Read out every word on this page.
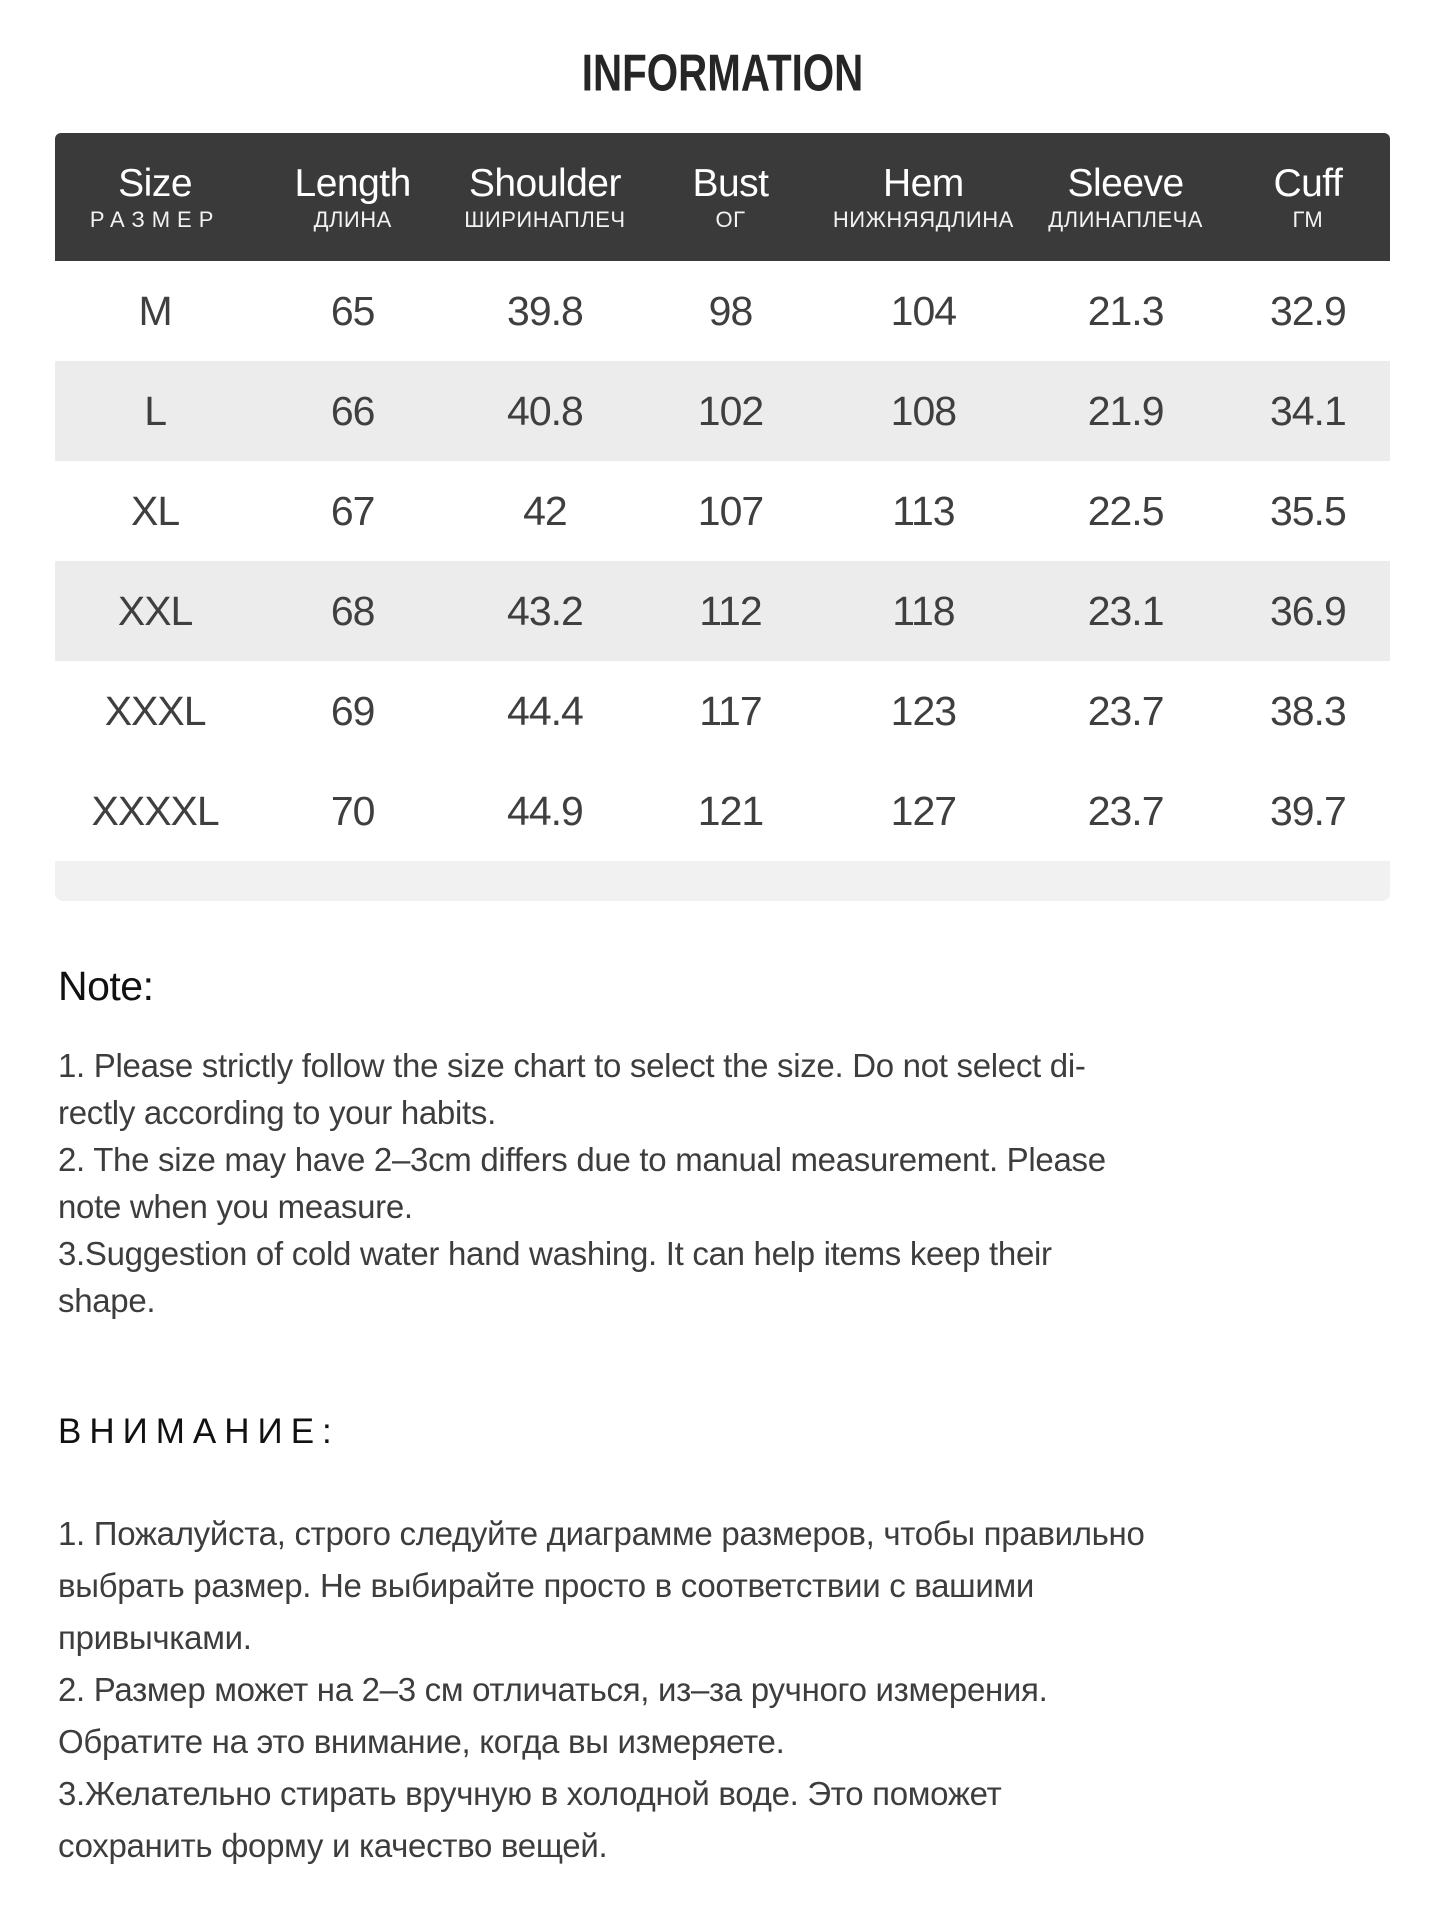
INFORMATION
Size	Length	Shoulder	Bust	Hem	Sleeve	Cuff
РАЗМЕР	ДЛИНА	ШИРИНАПЛЕЧ	ОГ	НИЖНЯЯДЛИНА	ДЛИНАПЛЕЧА	ГМ
M	65	39.8	98	104	21.3	32.9
L	66	40.8	102	108	21.9	34.1
XL	67	42	107	113	22.5	35.5
XXL	68	43.2	112	118	23.1	36.9
XXXL	69	44.4	117	123	23.7	38.3
XXXXL	70	44.9	121	127	23.7	39.7
Note:
1. Please strictly follow the size chart to select the size. Do not select di-
rectly according to your habits.
2. The size may have 2–3cm differs due to manual measurement. Please
note when you measure.
3.Suggestion of cold water hand washing. It can help items keep their
shape.
ВНИМАНИЕ:
1. Пожалуйста, строго следуйте диаграмме размеров, чтобы правильно
выбрать размер. Не выбирайте просто в соответствии с вашими
привычками.
2. Размер может на 2–3 см отличаться, из–за ручного измерения.
Обратите на это внимание, когда вы измеряете.
3.Желательно стирать вручную в холодной воде. Это поможет
сохранить форму и качество вещей.
